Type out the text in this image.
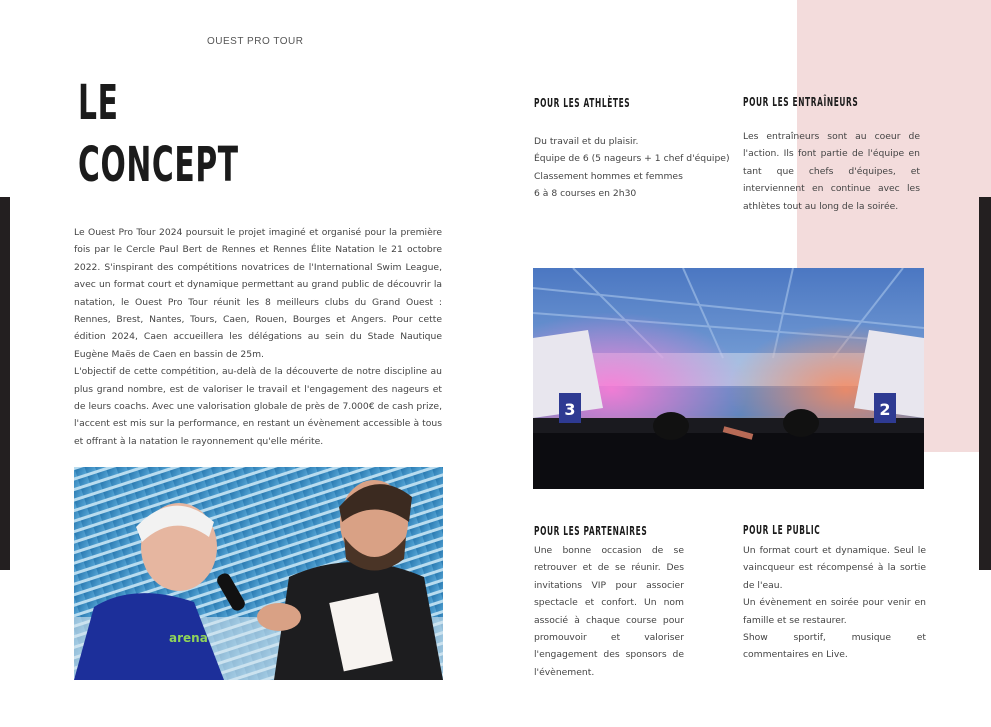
OUEST PRO TOUR
LE
CONCEPT

Le Ouest Pro Tour 2024 poursuit le projet imaginé et organisé pour la première fois par le Cercle Paul Bert de Rennes et Rennes Élite Natation le 21 octobre 2022. S'inspirant des compétitions novatrices de l'International Swim League, avec un format court et dynamique permettant au grand public de découvrir la natation, le Ouest Pro Tour réunit les 8 meilleurs clubs du Grand Ouest : Rennes, Brest, Nantes, Tours, Caen, Rouen, Bourges et Angers. Pour cette édition 2024, Caen accueillera les délégations au sein du Stade Nautique Eugène Maës de Caen en bassin de 25m.

L'objectif de cette compétition, au-delà de la découverte de notre discipline au plus grand nombre, est de valoriser le travail et l'engagement des nageurs et de leurs coachs. Avec une valorisation globale de près de 7.000€ de cash prize, l'accent est mis sur la performance, en restant un évènement accessible à tous et offrant à la natation le rayonnement qu'elle mérite.

POUR LES ATHLÈTES
Du travail et du plaisir.
Équipe de 6 (5 nageurs + 1 chef d'équipe)
Classement hommes et femmes
6 à 8 courses en 2h30
POUR LES ENTRAÎNEURS
Les entraîneurs sont au coeur de l'action. Ils font partie de l'équipe en tant que chefs d'équipes, et interviennent en continue avec les athlètes tout au long de la soirée.
3	2
POUR LES PARTENAIRES
Une bonne occasion de se retrouver et de se réunir. Des invitations VIP pour associer spectacle et confort. Un nom associé à chaque course pour promouvoir et valoriser l'engagement des sponsors de l'évènement.
POUR LE PUBLIC
Un format court et dynamique. Seul le vaincqueur est récompensé à la sortie de l'eau.
Un évènement en soirée pour venir en famille et se restaurer.
Show sportif, musique et commentaires en Live.
arena
